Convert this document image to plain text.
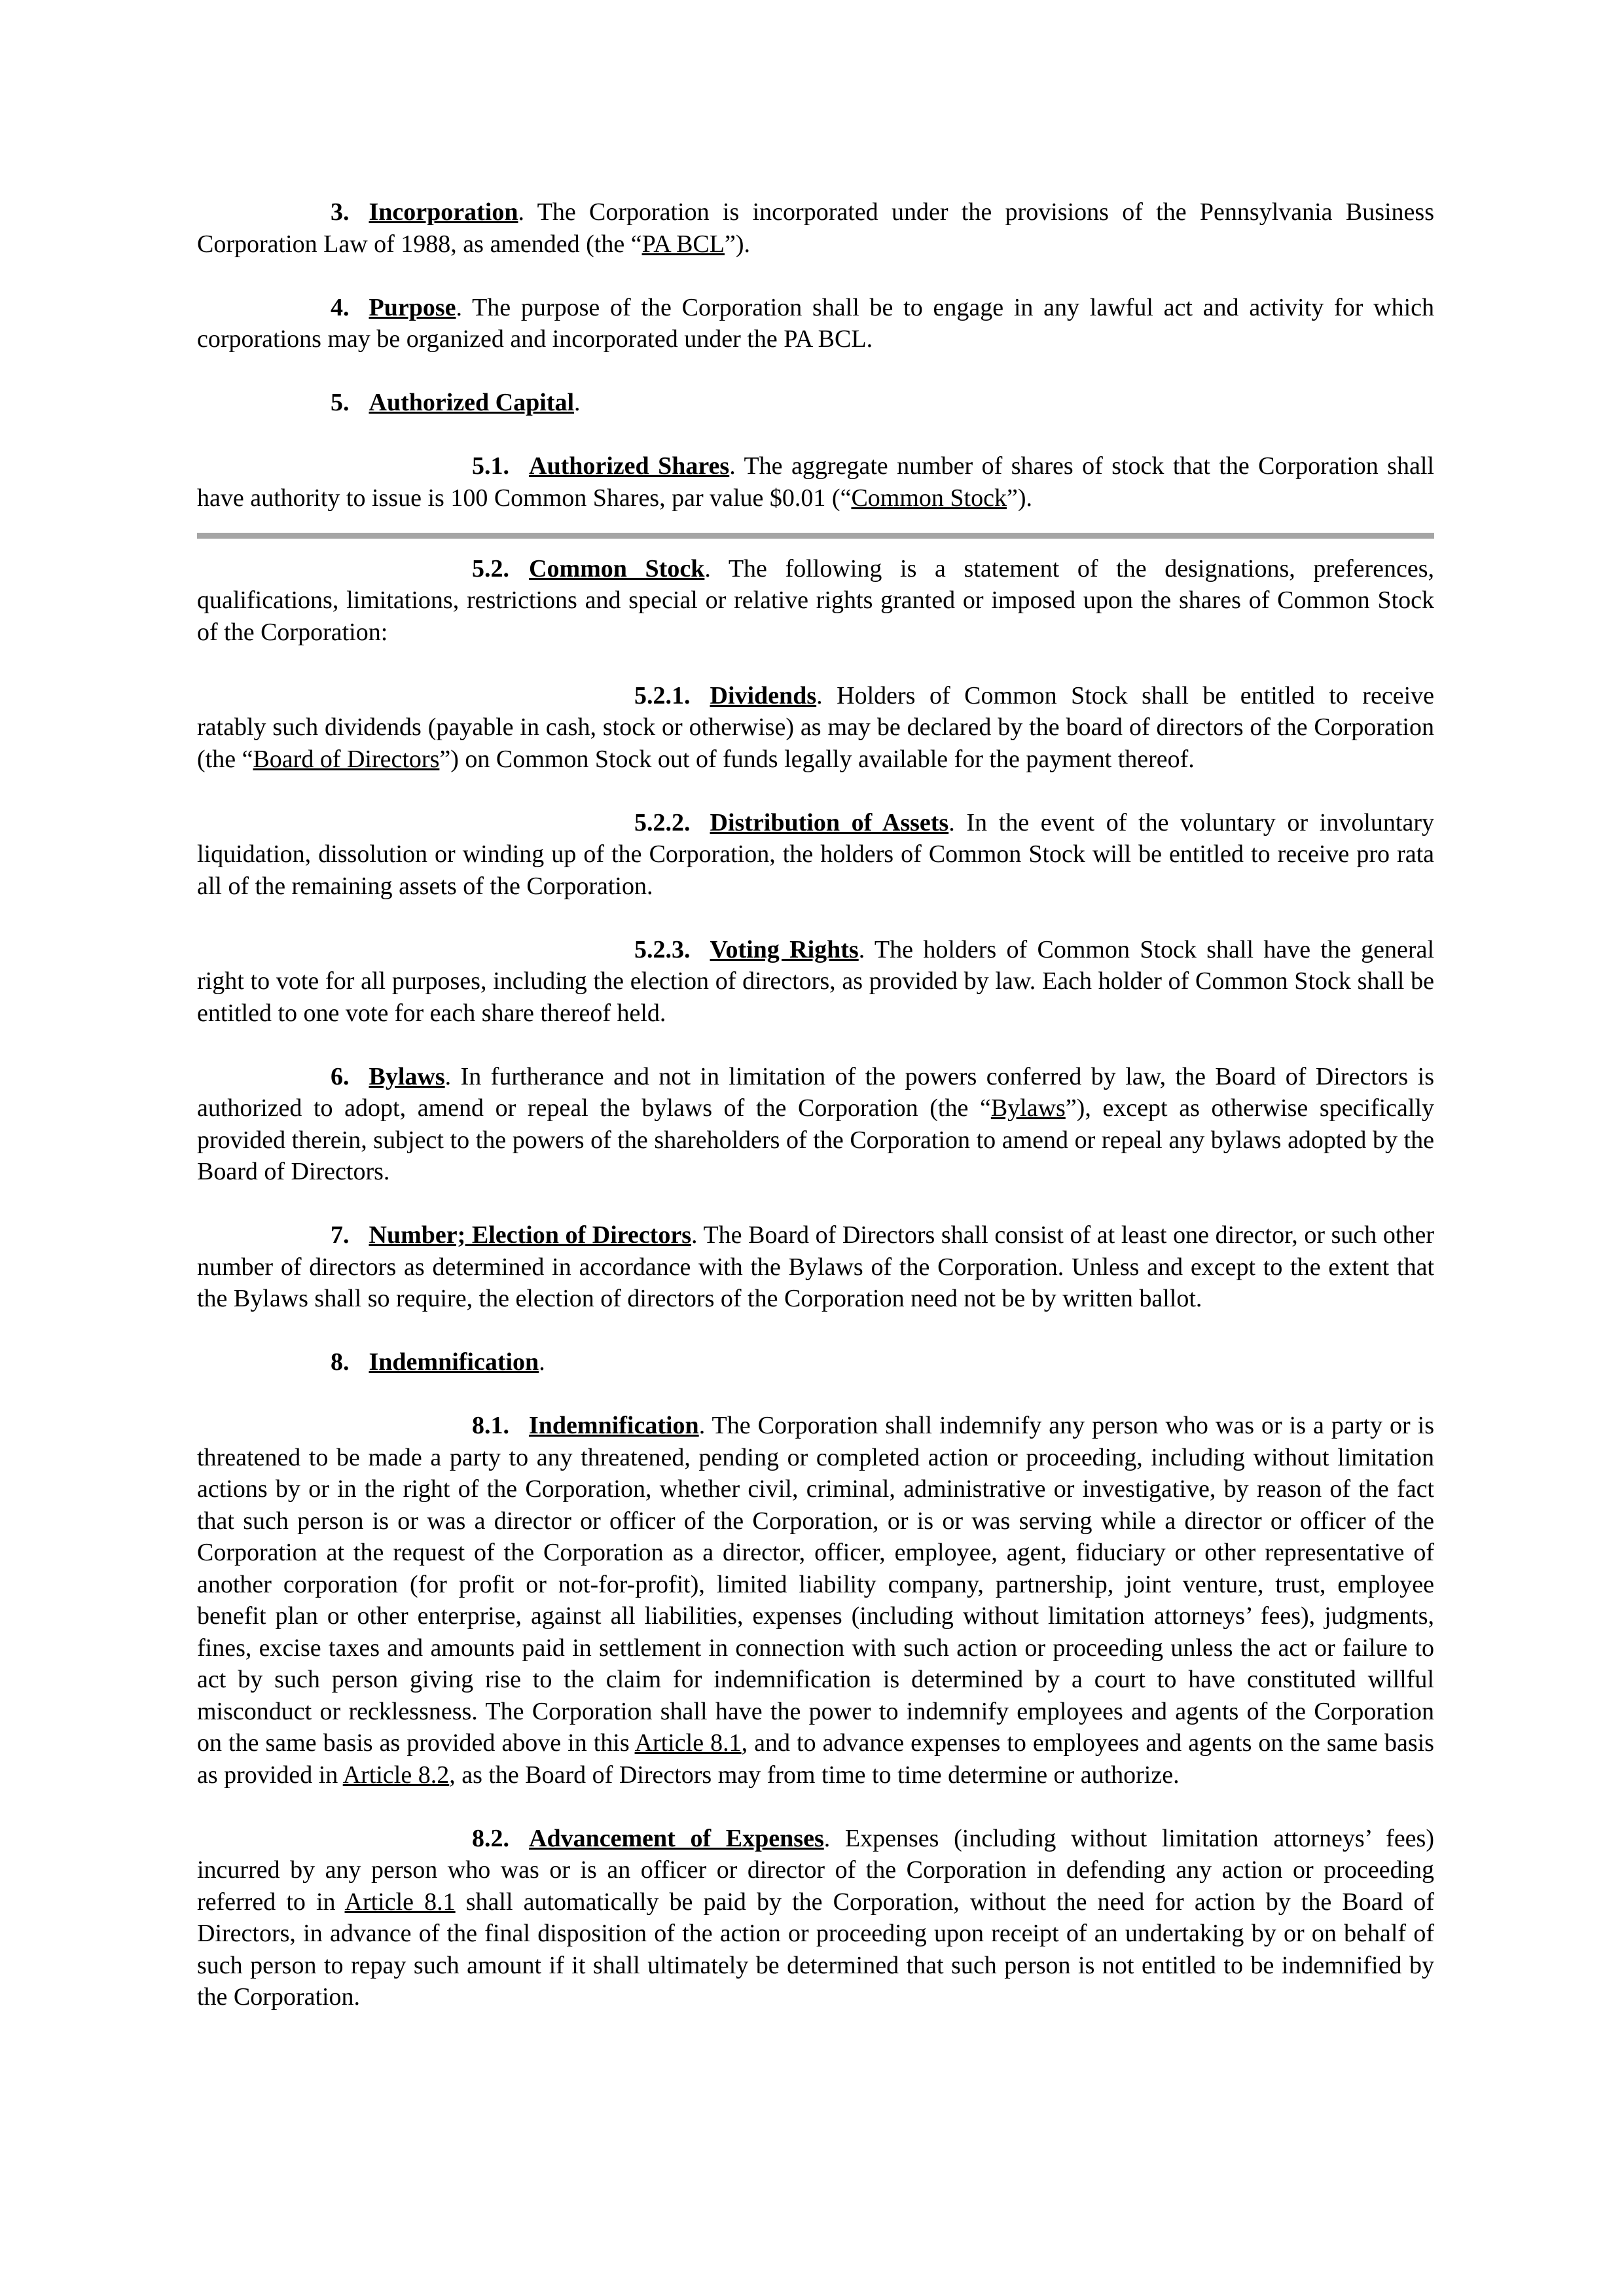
3. Incorporation. The Corporation is incorporated under the provisions of the Pennsylvania Business Corporation Law of 1988, as amended (the “PA BCL”).

4. Purpose. The purpose of the Corporation shall be to engage in any lawful act and activity for which corporations may be organized and incorporated under the PA BCL.

5. Authorized Capital.

5.1. Authorized Shares. The aggregate number of shares of stock that the Corporation shall have authority to issue is 100 Common Shares, par value $0.01 (“Common Stock”).

5.2. Common Stock. The following is a statement of the designations, preferences, qualifications, limitations, restrictions and special or relative rights granted or imposed upon the shares of Common Stock of the Corporation:

5.2.1. Dividends. Holders of Common Stock shall be entitled to receive ratably such dividends (payable in cash, stock or otherwise) as may be declared by the board of directors of the Corporation (the “Board of Directors”) on Common Stock out of funds legally available for the payment thereof.

5.2.2. Distribution of Assets. In the event of the voluntary or involuntary liquidation, dissolution or winding up of the Corporation, the holders of Common Stock will be entitled to receive pro rata all of the remaining assets of the Corporation.

5.2.3. Voting Rights. The holders of Common Stock shall have the general right to vote for all purposes, including the election of directors, as provided by law. Each holder of Common Stock shall be entitled to one vote for each share thereof held.

6. Bylaws. In furtherance and not in limitation of the powers conferred by law, the Board of Directors is authorized to adopt, amend or repeal the bylaws of the Corporation (the “Bylaws”), except as otherwise specifically provided therein, subject to the powers of the shareholders of the Corporation to amend or repeal any bylaws adopted by the Board of Directors.

7. Number; Election of Directors. The Board of Directors shall consist of at least one director, or such other number of directors as determined in accordance with the Bylaws of the Corporation. Unless and except to the extent that the Bylaws shall so require, the election of directors of the Corporation need not be by written ballot.

8. Indemnification.

8.1. Indemnification. The Corporation shall indemnify any person who was or is a party or is threatened to be made a party to any threatened, pending or completed action or proceeding, including without limitation actions by or in the right of the Corporation, whether civil, criminal, administrative or investigative, by reason of the fact that such person is or was a director or officer of the Corporation, or is or was serving while a director or officer of the Corporation at the request of the Corporation as a director, officer, employee, agent, fiduciary or other representative of another corporation (for profit or not-for-profit), limited liability company, partnership, joint venture, trust, employee benefit plan or other enterprise, against all liabilities, expenses (including without limitation attorneys’ fees), judgments, fines, excise taxes and amounts paid in settlement in connection with such action or proceeding unless the act or failure to act by such person giving rise to the claim for indemnification is determined by a court to have constituted willful misconduct or recklessness. The Corporation shall have the power to indemnify employees and agents of the Corporation on the same basis as provided above in this Article 8.1, and to advance expenses to employees and agents on the same basis as provided in Article 8.2, as the Board of Directors may from time to time determine or authorize.

8.2. Advancement of Expenses. Expenses (including without limitation attorneys’ fees) incurred by any person who was or is an officer or director of the Corporation in defending any action or proceeding referred to in Article 8.1 shall automatically be paid by the Corporation, without the need for action by the Board of Directors, in advance of the final disposition of the action or proceeding upon receipt of an undertaking by or on behalf of such person to repay such amount if it shall ultimately be determined that such person is not entitled to be indemnified by the Corporation.
